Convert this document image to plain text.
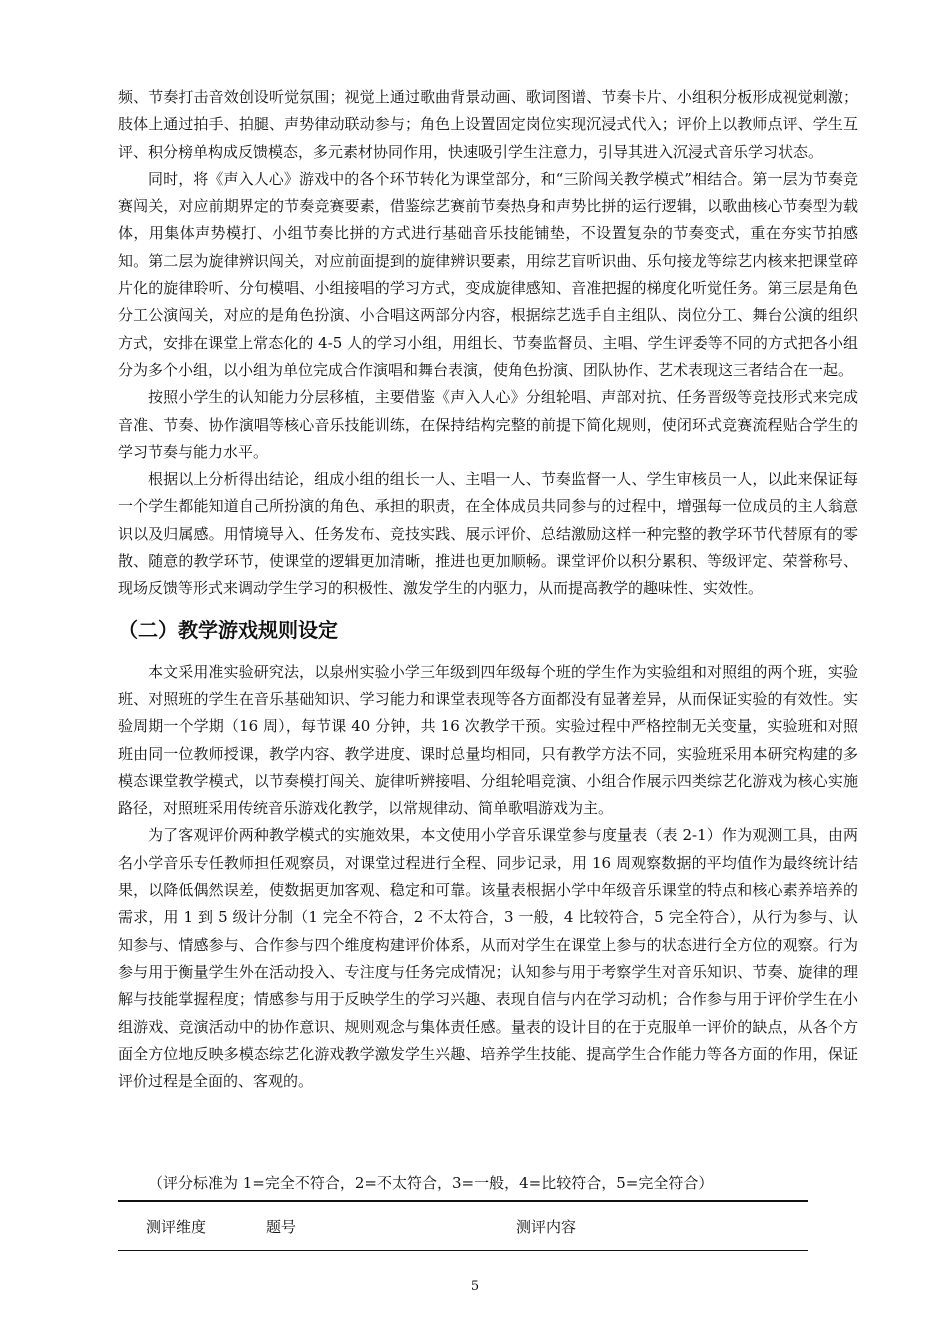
频、节奏打击音效创设听觉氛围；视觉上通过歌曲背景动画、歌词图谱、节奏卡片、小组积分板形成视觉刺激；肢体上通过拍手、拍腿、声势律动联动参与；角色上设置固定岗位实现沉浸式代入；评价上以教师点评、学生互评、积分榜单构成反馈模态，多元素材协同作用，快速吸引学生注意力，引导其进入沉浸式音乐学习状态。

同时，将《声入人心》游戏中的各个环节转化为课堂部分，和“三阶闯关教学模式”相结合。第一层为节奏竞赛闯关，对应前期界定的节奏竞赛要素，借鉴综艺赛前节奏热身和声势比拼的运行逻辑，以歌曲核心节奏型为载体，用集体声势模打、小组节奏比拼的方式进行基础音乐技能铺垫，不设置复杂的节奏变式，重在夯实节拍感知。第二层为旋律辨识闯关，对应前面提到的旋律辨识要素，用综艺盲听识曲、乐句接龙等综艺内核来把课堂碎片化的旋律聆听、分句模唱、小组接唱的学习方式，变成旋律感知、音准把握的梯度化听觉任务。第三层是角色分工公演闯关，对应的是角色扮演、小合唱这两部分内容，根据综艺选手自主组队、岗位分工、舞台公演的组织方式，安排在课堂上常态化的 4-5 人的学习小组，用组长、节奏监督员、主唱、学生评委等不同的方式把各小组分为多个小组，以小组为单位完成合作演唱和舞台表演，使角色扮演、团队协作、艺术表现这三者结合在一起。

按照小学生的认知能力分层移植，主要借鉴《声入人心》分组轮唱、声部对抗、任务晋级等竞技形式来完成音准、节奏、协作演唱等核心音乐技能训练，在保持结构完整的前提下简化规则，使闭环式竞赛流程贴合学生的学习节奏与能力水平。

根据以上分析得出结论，组成小组的组长一人、主唱一人、节奏监督一人、学生审核员一人，以此来保证每一个学生都能知道自己所扮演的角色、承担的职责，在全体成员共同参与的过程中，增强每一位成员的主人翁意识以及归属感。用情境导入、任务发布、竞技实践、展示评价、总结激励这样一种完整的教学环节代替原有的零散、随意的教学环节，使课堂的逻辑更加清晰，推进也更加顺畅。课堂评价以积分累积、等级评定、荣誉称号、现场反馈等形式来调动学生学习的积极性、激发学生的内驱力，从而提高教学的趣味性、实效性。

（二）教学游戏规则设定

本文采用准实验研究法，以泉州实验小学三年级到四年级每个班的学生作为实验组和对照组的两个班，实验班、对照班的学生在音乐基础知识、学习能力和课堂表现等各方面都没有显著差异，从而保证实验的有效性。实验周期一个学期（16 周），每节课 40 分钟，共 16 次教学干预。实验过程中严格控制无关变量，实验班和对照班由同一位教师授课，教学内容、教学进度、课时总量均相同，只有教学方法不同，实验班采用本研究构建的多模态课堂教学模式，以节奏模打闯关、旋律听辨接唱、分组轮唱竞演、小组合作展示四类综艺化游戏为核心实施路径，对照班采用传统音乐游戏化教学，以常规律动、简单歌唱游戏为主。

为了客观评价两种教学模式的实施效果，本文使用小学音乐课堂参与度量表（表 2-1）作为观测工具，由两名小学音乐专任教师担任观察员，对课堂过程进行全程、同步记录，用 16 周观察数据的平均值作为最终统计结果，以降低偶然误差，使数据更加客观、稳定和可靠。该量表根据小学中年级音乐课堂的特点和核心素养培养的需求，用 1 到 5 级计分制（1 完全不符合，2 不太符合，3 一般，4 比较符合，5 完全符合），从行为参与、认知参与、情感参与、合作参与四个维度构建评价体系，从而对学生在课堂上参与的状态进行全方位的观察。行为参与用于衡量学生外在活动投入、专注度与任务完成情况；认知参与用于考察学生对音乐知识、节奏、旋律的理解与技能掌握程度；情感参与用于反映学生的学习兴趣、表现自信与内在学习动机；合作参与用于评价学生在小组游戏、竞演活动中的协作意识、规则观念与集体责任感。量表的设计目的在于克服单一评价的缺点，从各个方面全方位地反映多模态综艺化游戏教学激发学生兴趣、培养学生技能、提高学生合作能力等各方面的作用，保证评价过程是全面的、客观的。

（评分标准为 1=完全不符合，2=不太符合，3=一般，4=比较符合，5=完全符合）
测评维度	题号	测评内容
5
